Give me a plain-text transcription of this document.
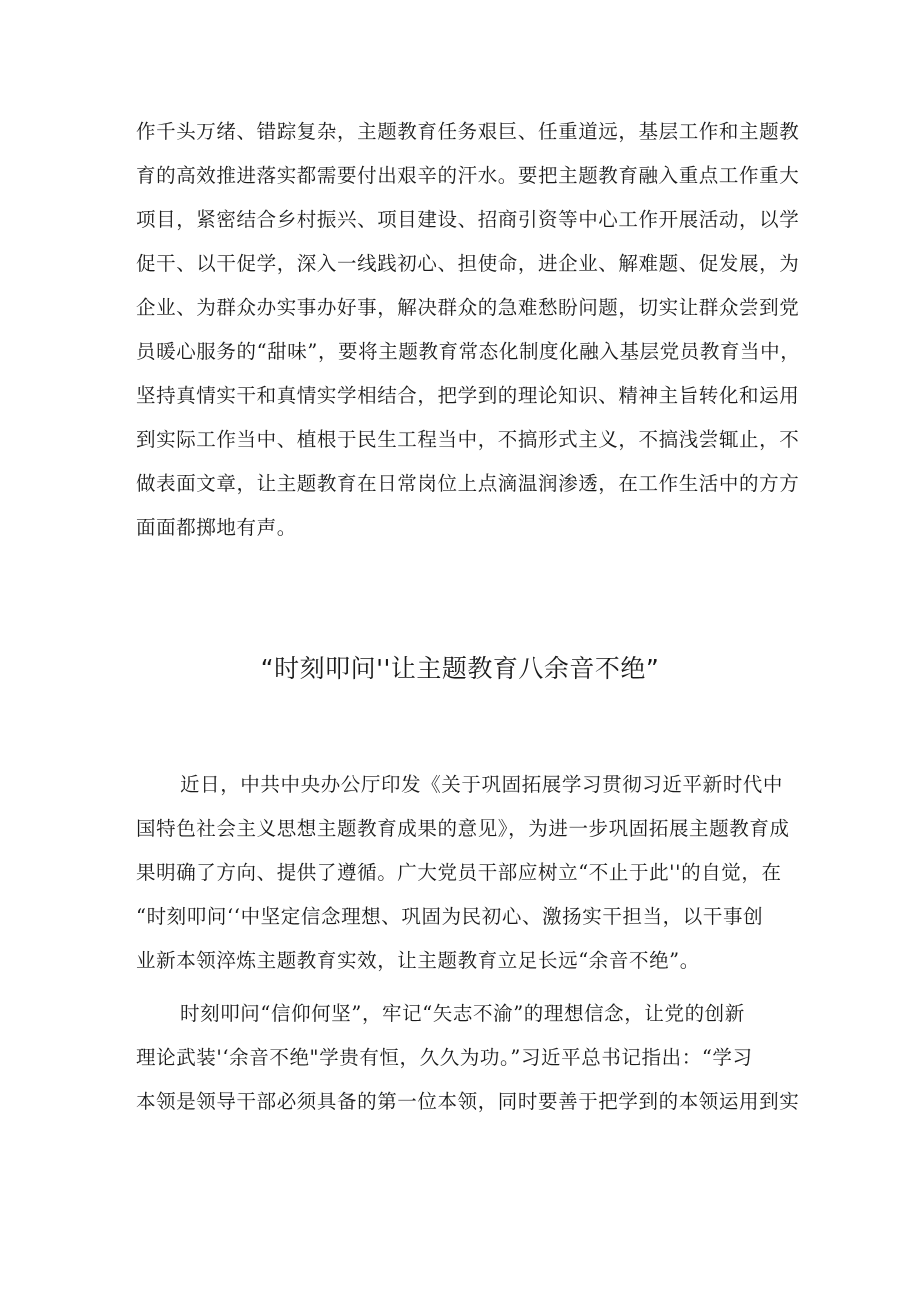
作千头万绪、错踪复杂，主题教育任务艰巨、任重道远，基层工作和主题教
育的高效推进落实都需要付出艰辛的汗水。要把主题教育融入重点工作重大
项目，紧密结合乡村振兴、项目建设、招商引资等中心工作开展活动，以学
促干、以干促学，深入一线践初心、担使命，进企业、解难题、促发展，为
企业、为群众办实事办好事，解决群众的急难愁盼问题，切实让群众尝到党
员暖心服务的“甜味”，要将主题教育常态化制度化融入基层党员教育当中，
坚持真情实干和真情实学相结合，把学到的理论知识、精神主旨转化和运用
到实际工作当中、植根于民生工程当中，不搞形式主义，不搞浅尝辄止，不
做表面文章，让主题教育在日常岗位上点滴温润渗透，在工作生活中的方方
面面都掷地有声。
“时刻叩问''让主题教育八余音不绝”
近日，中共中央办公厅印发《关于巩固拓展学习贯彻习近平新时代中
国特色社会主义思想主题教育成果的意见》，为进一步巩固拓展主题教育成
果明确了方向、提供了遵循。广大党员干部应树立“不止于此''的自觉，在
“时刻叩问‘‘中坚定信念理想、巩固为民初心、激扬实干担当，以干事创
业新本领淬炼主题教育实效，让主题教育立足长远“余音不绝”。
时刻叩问“信仰何坚”，牢记“矢志不渝”的理想信念，让党的创新
理论武装'‘余音不绝"学贵有恒，久久为功。”习近平总书记指出：“学习
本领是领导干部必须具备的第一位本领，同时要善于把学到的本领运用到实
